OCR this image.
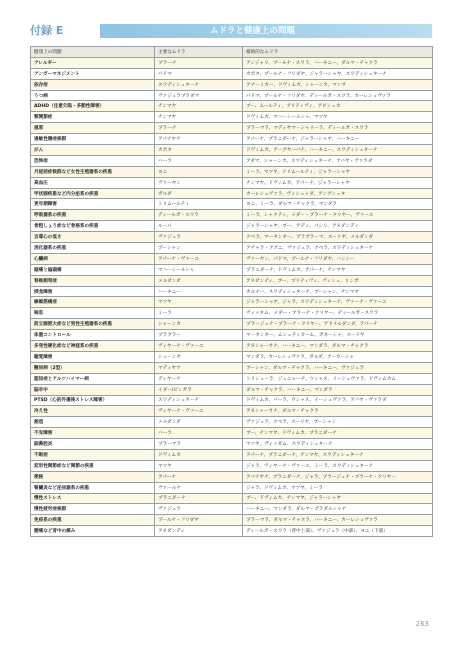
付録 E	ムドラと健康上の問題
健康上の問題	主要なムドラ	補助的なムドラ
アレルギー	プラーナ	アンジャリ、プールナ・スワラ、ハーキニー、ダルマ・チャクラ
アンガーマネジメント	パドマ	カポタ、プールナ・フリダヤ、ジャラーシャヤ、スワディシュターナ
依存症	スワディシュターナ	アナーミカー、ドヴィムカ、シャーンカ、マンサ
うつ病	ヴァジュラプラダマ	パドマ、プールナ・フリダヤ、ディールガ・スワラ、カーレシュヴァラ
ADHD（注意欠陥・多動性障害）	チンマヤ	ブー、ムールティ、アリティヴィ、アビシュカ
顎関節症	チンマヤ	ドヴィムカ、マハーシールシャ、マツヤ
風邪	プラーナ	プラーマラ、マディヤマ・シャリーラ、ディールガ・スワラ
過敏性腸症候群	アパナヤナ	アパーナ、プラニダーナ、ジャラーシャヤ、ハーキニー
がん	カポタ	ドヴィムカ、アーグヤーバナ、ハーキニー、スワディシュターナ
恐怖症	バーラ	アダマ、シャーンカ、スワディシュターナ、アバヤ・ヴァラダ
月経前症候群など女性生殖器系の疾患	ヨニ	ミーラ、マツヤ、ドリムールティ、ジャラーシャヤ
高血圧	ヴァーヤン	チンマヤ、ドヴィムカ、アパーナ、ジャラーシャヤ
甲状腺疾患など内分泌系の疾患	ガルダ	カーレシュヴァラ、ヴィシュッダ、アングシュタ
更年期障害	トリムールティ	ヨニ、ミーラ、ダルマ・チャクラ、マンダラ
呼吸器系の疾患	ディールガ・スワラ	ミーラ、シャクティ、メダー・プラーナ・クリヤー、ヴァーユ
骨粗しょう症など骨格系の疾患	ルーパ	ジャラーシャヤ、ブー、アディ、パシリ、アヌダンディ
自尊心の低さ	ヴァジュラ	クベラ、マータンギー、プラブラーマ、スーリヤ、メルダンダ
消化器系の疾患	プーシャン	アチャラ・アグニ、ヴァジュラ、クベラ、スワディシュターナ
心臓病	アパーナ・ヴァーユ	ヴァーヤン、パドマ、プールナ・フリダヤ、ハンシー
頭痛と偏頭痛	マハーシールシャ	プラニダーナ、ドヴィムカ、アパーナ、チンマヤ
脊椎側弯症	メルダンダ	アヌダンディ、ブー、プリティヴィ、ヴィシュ、リンガ
摂食障害	ハーキニー	カルナー、スワディシュターナ、ブーシャン、チンマヤ
線維筋痛症	マツヤ	ジャラーシャヤ、ジャラ、スワディシュターナ、ヴァーナ・ヴァーユ
喘息	ミーラ	ヴィッタム、メダー・プラーナ・クリヤー、ディールガ・スワラ
前立腺肥大症など男性生殖器系の疾患	シャーンカ	プラージュナ・プラーナ・クリヤー、アドメルダンダ、アパーナ
体重コントロール	プラブラー	マータンギー、ムシュティカーム、ガネーシャ、スーリヤ
多発性硬化症など神経系の疾患	ヴィヤーナ・ヴァーユ	アヌシャーサナ、ハーキニー、マンダラ、ダルマ・チャクラ
聴覚障害	シューンヤ	マンダラ、カーレシュヴァラ、ガルダ、アーカーシャ
糖尿病（2型）	マディヤマ	ブーシャン、ダルマ・チャクラ、ハーキニー、ヴァジュラ
認知症とアルツハイマー病	ディヤーナ	トリシューラ、ジュニャーナ、ウシャス、イーシュヴァラ、ドヴィムカム
脳卒中	イダー/ピンガラ	ダルマ・チャクラ、ハーキニー、マンダラ
PTSD（心的外傷後ストレス障害）	スワディシュターナ	ドヴィムカ、パーラ、ウシャス、イーシュヴァラ、アバヤ・ヴァラダ
冷え性	ヴィヤーナ・ヴァーユ	アヌシャーサナ、ダルマ・チャクラ
創造	メルダンダ	ヴァジュラ、クベラ、スーリヤ、ブーシャン
不安障害	バーラ	ブー、チンマヤ、ドヴィムカ、プラニダーナ
副鼻腔炎	プラーマラ	マツヤ、ヴィッダム、スワディシュターナ
不眠症	ドヴィムカ	アパーナ、プラニダーナ、チンマヤ、スワディシュターナ
変形性関節症など関節の疾患	マツヤ	ジャラ、ヴィヤーナ・ヴァーユ、ミーラ、スワディシュターナ
便秘	アパーナ	アパナヤナ、プラニダーナ、ジャラ、プラージュナ・プラーナ・クリヤー
腎臓炎など泌尿器系の疾患	ヴァールナ	ジャラ、ドヴィムカ、マツヤ、ミーラ
慢性ストレス	プラニダーナ	ブー、ドヴィムカ、チンマヤ、ジャラーシャヤ
慢性疲労症候群	ヴァジュラ	ハーキニー、マンダラ、ダルマ・プラダルシャナ
免疫系の疾患	プールナ・フリダヤ	プラーマラ、ダルマ・チャクラ、ハーキニー、カーレシュヴァラ
腰痛など背中の痛み	アヌダンディ	ディールガ・スワラ（背中上部）、ヴァジュラ（中部）、ヨニ（下部）
263
